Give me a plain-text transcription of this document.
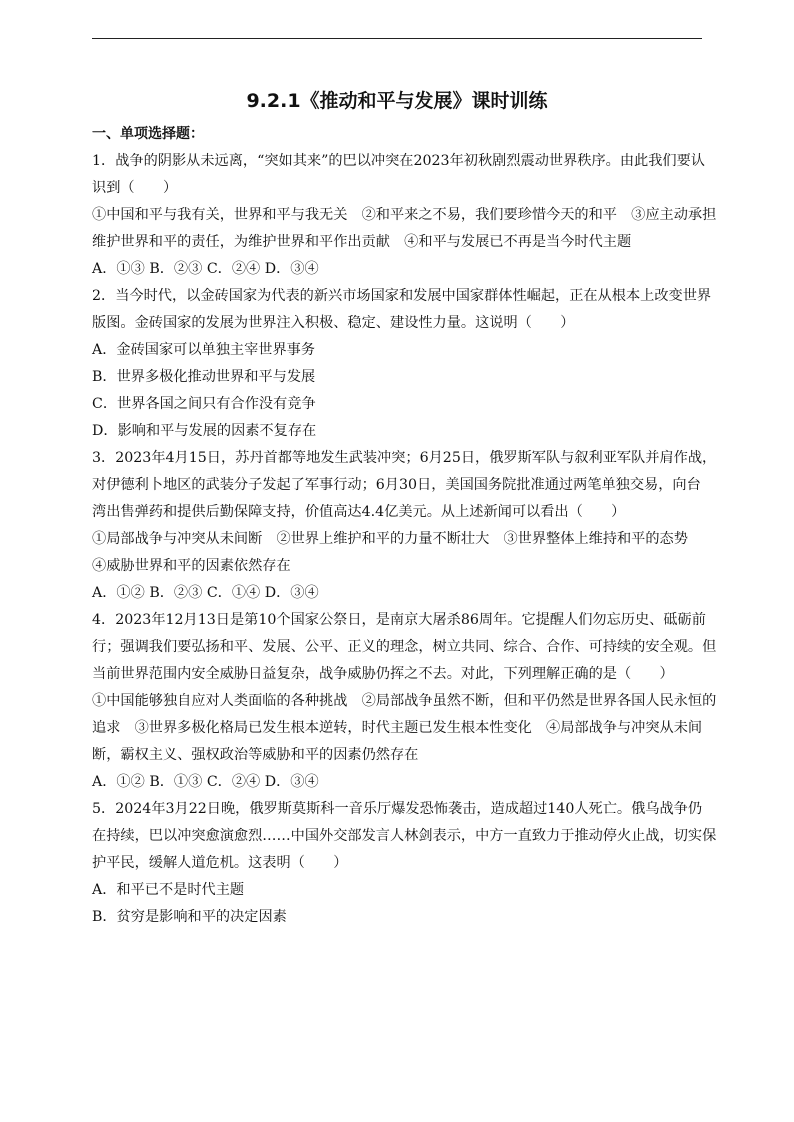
9.2.1《推动和平与发展》课时训练
一、单项选择题：
1．战争的阴影从未远离，“突如其来”的巴以冲突在2023年初秋剧烈震动世界秩序。由此我们要认
识到（　　）
①中国和平与我有关，世界和平与我无关　②和平来之不易，我们要珍惜今天的和平　③应主动承担
维护世界和平的责任，为维护世界和平作出贡献　④和平与发展已不再是当今时代主题
A．①③ B．②③ C．②④ D．③④
2．当今时代，以金砖国家为代表的新兴市场国家和发展中国家群体性崛起，正在从根本上改变世界
版图。金砖国家的发展为世界注入积极、稳定、建设性力量。这说明（　　）
A．金砖国家可以单独主宰世界事务
B．世界多极化推动世界和平与发展
C．世界各国之间只有合作没有竞争
D．影响和平与发展的因素不复存在
3．2023年4月15日，苏丹首都等地发生武装冲突；6月25日，俄罗斯军队与叙利亚军队并肩作战，
对伊德利卜地区的武装分子发起了军事行动；6月30日，美国国务院批准通过两笔单独交易，向台
湾出售弹药和提供后勤保障支持，价值高达4.4亿美元。从上述新闻可以看出（　　）
①局部战争与冲突从未间断　②世界上维护和平的力量不断壮大　③世界整体上维持和平的态势
④威胁世界和平的因素依然存在
A．①② B．②③ C．①④ D．③④
4．2023年12月13日是第10个国家公祭日，是南京大屠杀86周年。它提醒人们勿忘历史、砥砺前
行；强调我们要弘扬和平、发展、公平、正义的理念，树立共同、综合、合作、可持续的安全观。但
当前世界范围内安全威胁日益复杂，战争威胁仍挥之不去。对此，下列理解正确的是（　　）
①中国能够独自应对人类面临的各种挑战　②局部战争虽然不断，但和平仍然是世界各国人民永恒的
追求　③世界多极化格局已发生根本逆转，时代主题已发生根本性变化　④局部战争与冲突从未间
断，霸权主义、强权政治等威胁和平的因素仍然存在
A．①② B．①③ C．②④ D．③④
5．2024年3月22日晚，俄罗斯莫斯科一音乐厅爆发恐怖袭击，造成超过140人死亡。俄乌战争仍
在持续，巴以冲突愈演愈烈……中国外交部发言人林剑表示，中方一直致力于推动停火止战，切实保
护平民，缓解人道危机。这表明（　　）
A．和平已不是时代主题
B．贫穷是影响和平的决定因素
